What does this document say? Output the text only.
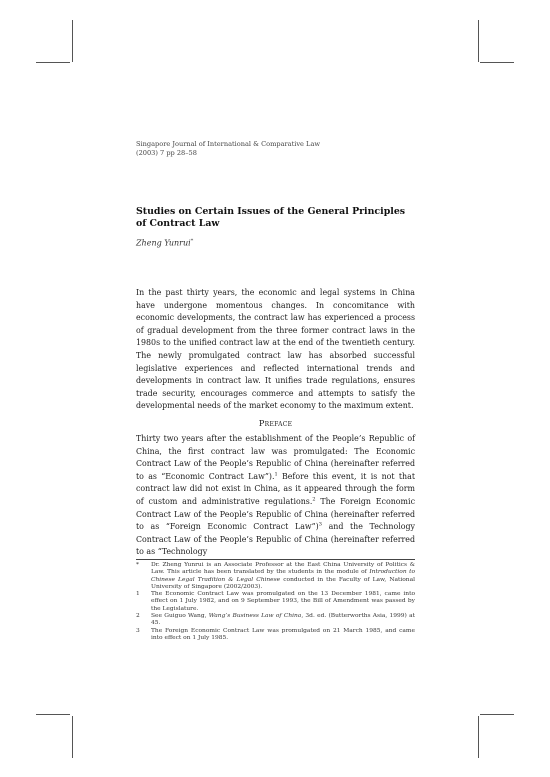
Singapore Journal of International & Comparative Law
(2003) 7 pp 28–58
Studies on Certain Issues of the General Principles of Contract Law
Zheng Yunrui*

In the past thirty years, the economic and legal systems in China have undergone momentous changes. In concomitance with economic developments, the contract law has experienced a process of gradual development from the three former contract laws in the 1980s to the unified contract law at the end of the twentieth century. The newly promulgated contract law has absorbed successful legislative experiences and reflected international trends and developments in contract law. It unifies trade regulations, ensures trade security, encourages commerce and attempts to satisfy the developmental needs of the market economy to the maximum extent.

Preface

Thirty two years after the establishment of the People’s Republic of China, the first contract law was promulgated: The Economic Contract Law of the People’s Republic of China (hereinafter referred to as “Economic Contract Law”).$^1$ Before this event, it is not that contract law did not exist in China, as it appeared through the form of custom and administrative regulations.$^2$ The Foreign Economic Contract Law of the People’s Republic of China (hereinafter referred to as “Foreign Economic Contract Law”)$^3$ and the Technology Contract Law of the People’s Republic of China (hereinafter referred to as “Technology

*	Dr. Zheng Yunrui is an Associate Professor at the East China University of Politics & Law. This article has been translated by the students in the module of Introduction to Chinese Legal Tradition & Legal Chinese conducted in the Faculty of Law, National University of Singapore (2002/2003).
1	The Economic Contract Law was promulgated on the 13 December 1981, came into effect on 1 July 1982, and on 9 September 1993, the Bill of Amendment was passed by the Legislature.
2	See Guiguo Wang, Wang’s Business Law of China, 3d. ed. (Butterworths Asia, 1999) at 45.
3	The Foreign Economic Contract Law was promulgated on 21 March 1985, and came into effect on 1 July 1985.
